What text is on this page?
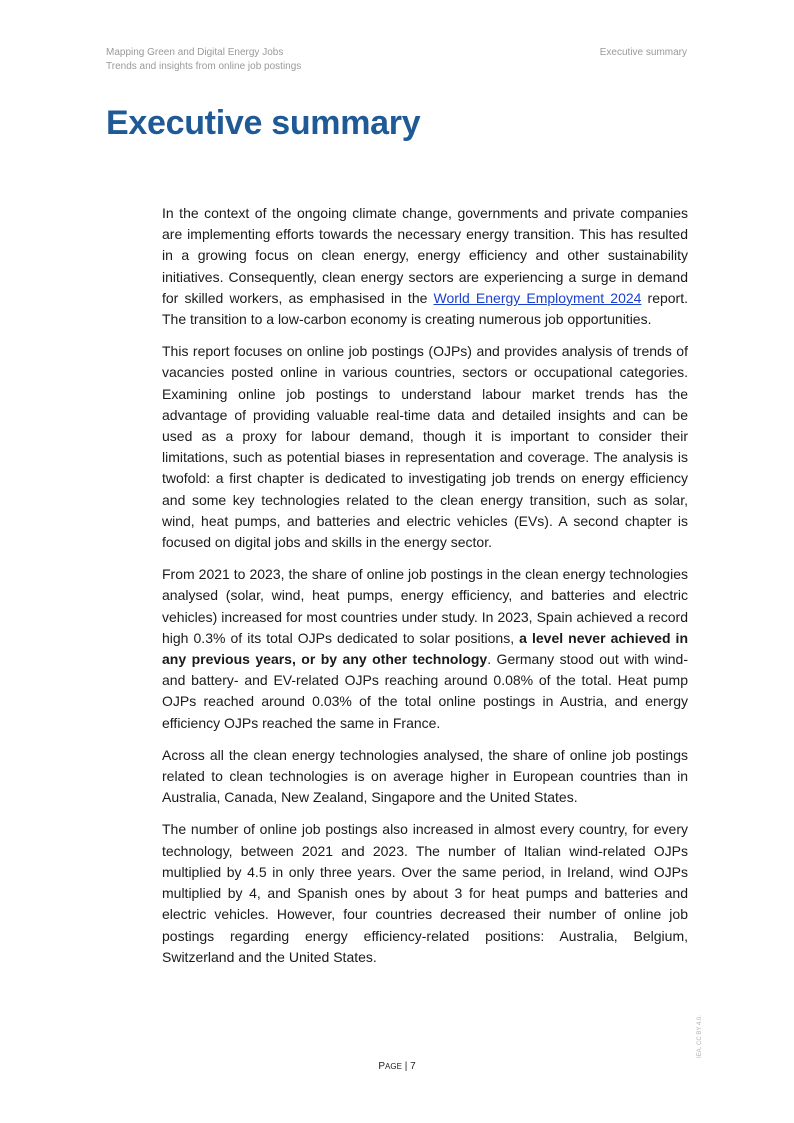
Mapping Green and Digital Energy Jobs
Trends and insights from online job postings
Executive summary
Executive summary

In the context of the ongoing climate change, governments and private companies are implementing efforts towards the necessary energy transition. This has resulted in a growing focus on clean energy, energy efficiency and other sustainability initiatives. Consequently, clean energy sectors are experiencing a surge in demand for skilled workers, as emphasised in the World Energy Employment 2024 report. The transition to a low-carbon economy is creating numerous job opportunities.

This report focuses on online job postings (OJPs) and provides analysis of trends of vacancies posted online in various countries, sectors or occupational categories. Examining online job postings to understand labour market trends has the advantage of providing valuable real-time data and detailed insights and can be used as a proxy for labour demand, though it is important to consider their limitations, such as potential biases in representation and coverage. The analysis is twofold: a first chapter is dedicated to investigating job trends on energy efficiency and some key technologies related to the clean energy transition, such as solar, wind, heat pumps, and batteries and electric vehicles (EVs). A second chapter is focused on digital jobs and skills in the energy sector.

From 2021 to 2023, the share of online job postings in the clean energy technologies analysed (solar, wind, heat pumps, energy efficiency, and batteries and electric vehicles) increased for most countries under study. In 2023, Spain achieved a record high 0.3% of its total OJPs dedicated to solar positions, a level never achieved in any previous years, or by any other technology. Germany stood out with wind- and battery- and EV-related OJPs reaching around 0.08% of the total. Heat pump OJPs reached around 0.03% of the total online postings in Austria, and energy efficiency OJPs reached the same in France.

Across all the clean energy technologies analysed, the share of online job postings related to clean technologies is on average higher in European countries than in Australia, Canada, New Zealand, Singapore and the United States.

The number of online job postings also increased in almost every country, for every technology, between 2021 and 2023. The number of Italian wind-related OJPs multiplied by 4.5 in only three years. Over the same period, in Ireland, wind OJPs multiplied by 4, and Spanish ones by about 3 for heat pumps and batteries and electric vehicles. However, four countries decreased their number of online job postings regarding energy efficiency-related positions: Australia, Belgium, Switzerland and the United States.

PAGE | 7
IEA. CC BY 4.0.
